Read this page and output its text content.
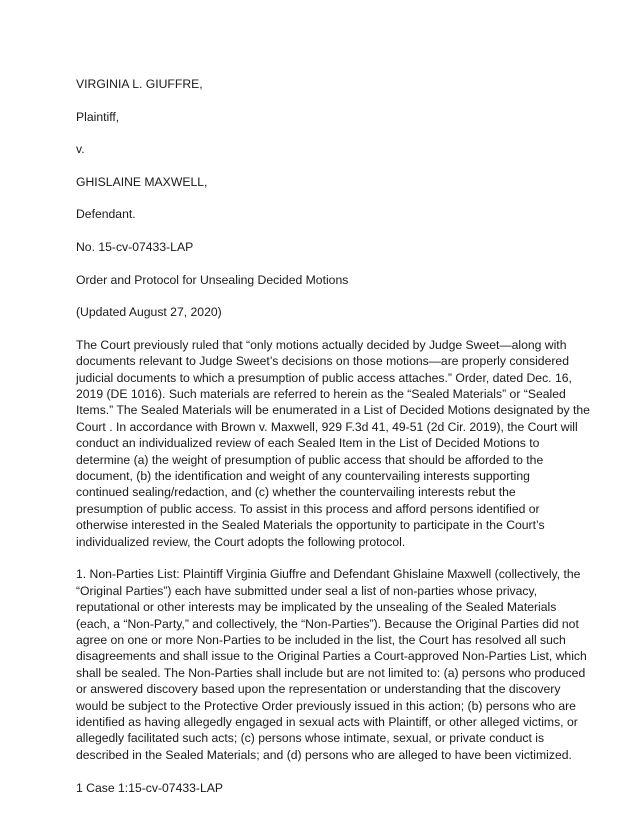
VIRGINIA L. GIUFFRE,

Plaintiff,

v.

GHISLAINE MAXWELL,

Defendant.

No. 15-cv-07433-LAP

Order and Protocol for Unsealing Decided Motions

(Updated August 27, 2020)

The Court previously ruled that “only motions actually decided by Judge Sweet—along with
documents relevant to Judge Sweet’s decisions on those motions—are properly considered
judicial documents to which a presumption of public access attaches.” Order, dated Dec. 16,
2019 (DE 1016). Such materials are referred to herein as the “Sealed Materials” or “Sealed
Items.” The Sealed Materials will be enumerated in a List of Decided Motions designated by the
Court . In accordance with Brown v. Maxwell, 929 F.3d 41, 49-51 (2d Cir. 2019), the Court will
conduct an individualized review of each Sealed Item in the List of Decided Motions to
determine (a) the weight of presumption of public access that should be afforded to the
document, (b) the identification and weight of any countervailing interests supporting
continued sealing/redaction, and (c) whether the countervailing interests rebut the
presumption of public access. To assist in this process and afford persons identified or
otherwise interested in the Sealed Materials the opportunity to participate in the Court’s
individualized review, the Court adopts the following protocol.
1. Non-Parties List: Plaintiff Virginia Giuffre and Defendant Ghislaine Maxwell (collectively, the
“Original Parties”) each have submitted under seal a list of non-parties whose privacy,
reputational or other interests may be implicated by the unsealing of the Sealed Materials
(each, a “Non-Party,” and collectively, the “Non-Parties”). Because the Original Parties did not
agree on one or more Non-Parties to be included in the list, the Court has resolved all such
disagreements and shall issue to the Original Parties a Court-approved Non-Parties List, which
shall be sealed. The Non-Parties shall include but are not limited to: (a) persons who produced
or answered discovery based upon the representation or understanding that the discovery
would be subject to the Protective Order previously issued in this action; (b) persons who are
identified as having allegedly engaged in sexual acts with Plaintiff, or other alleged victims, or
allegedly facilitated such acts; (c) persons whose intimate, sexual, or private conduct is
described in the Sealed Materials; and (d) persons who are alleged to have been victimized.

1 Case 1:15-cv-07433-LAP
